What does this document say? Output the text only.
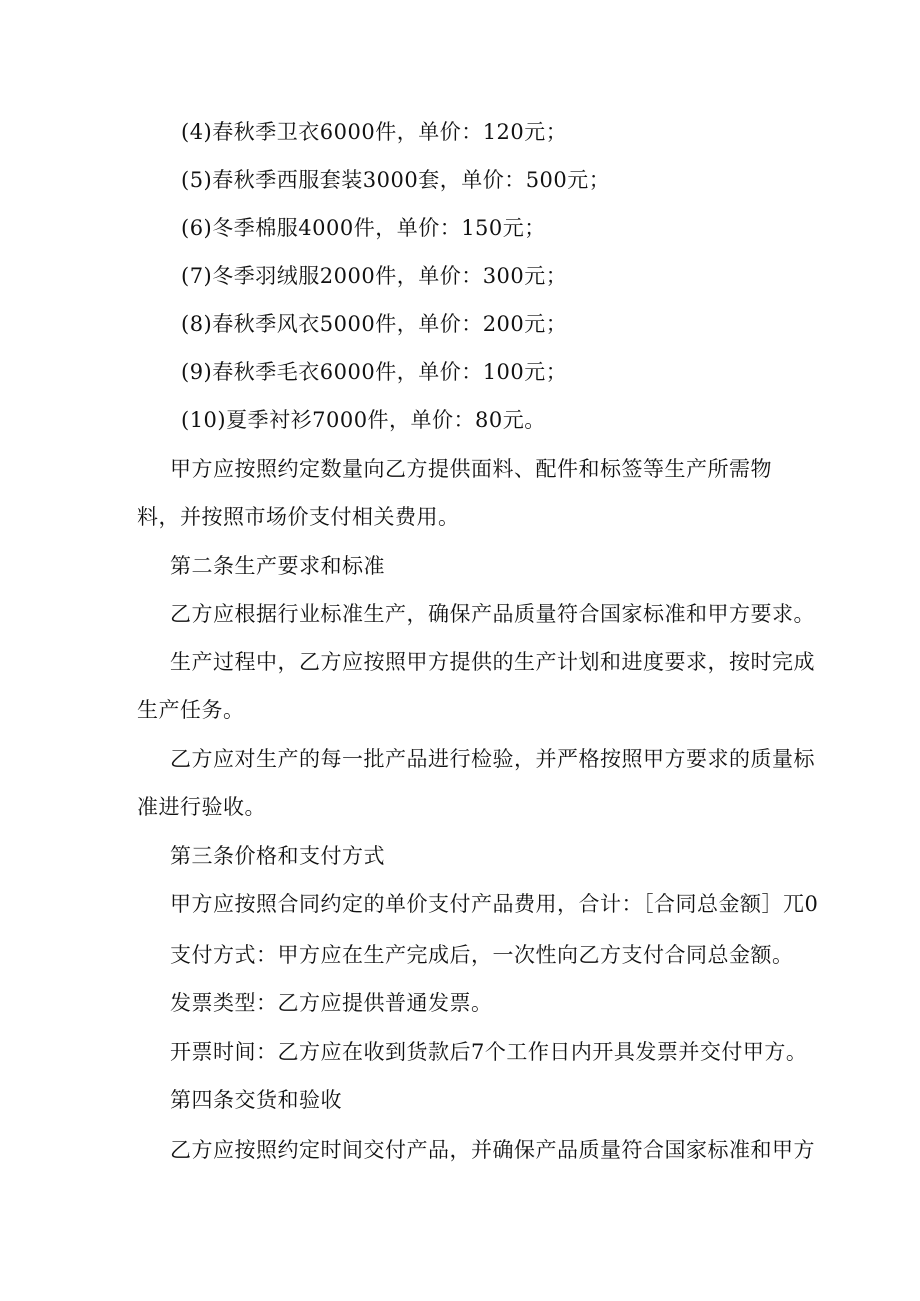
(4)春秋季卫衣6000件，单价：120元；
(5)春秋季西服套装3000套，单价：500元；
(6)冬季棉服4000件，单价：150元；
(7)冬季羽绒服2000件，单价：300元；
(8)春秋季风衣5000件，单价：200元；
(9)春秋季毛衣6000件，单价：100元；
(10)夏季衬衫7000件，单价：80元。
甲方应按照约定数量向乙方提供面料、配件和标签等生产所需物
料，并按照市场价支付相关费用。
第二条生产要求和标准
乙方应根据行业标准生产，确保产品质量符合国家标准和甲方要求。
生产过程中，乙方应按照甲方提供的生产计划和进度要求，按时完成
生产任务。
乙方应对生产的每一批产品进行检验，并严格按照甲方要求的质量标
准进行验收。
第三条价格和支付方式
甲方应按照合同约定的单价支付产品费用，合计：［合同总金额］兀0
支付方式：甲方应在生产完成后，一次性向乙方支付合同总金额。
发票类型：乙方应提供普通发票。
开票时间：乙方应在收到货款后7个工作日内开具发票并交付甲方。
第四条交货和验收
乙方应按照约定时间交付产品，并确保产品质量符合国家标准和甲方
